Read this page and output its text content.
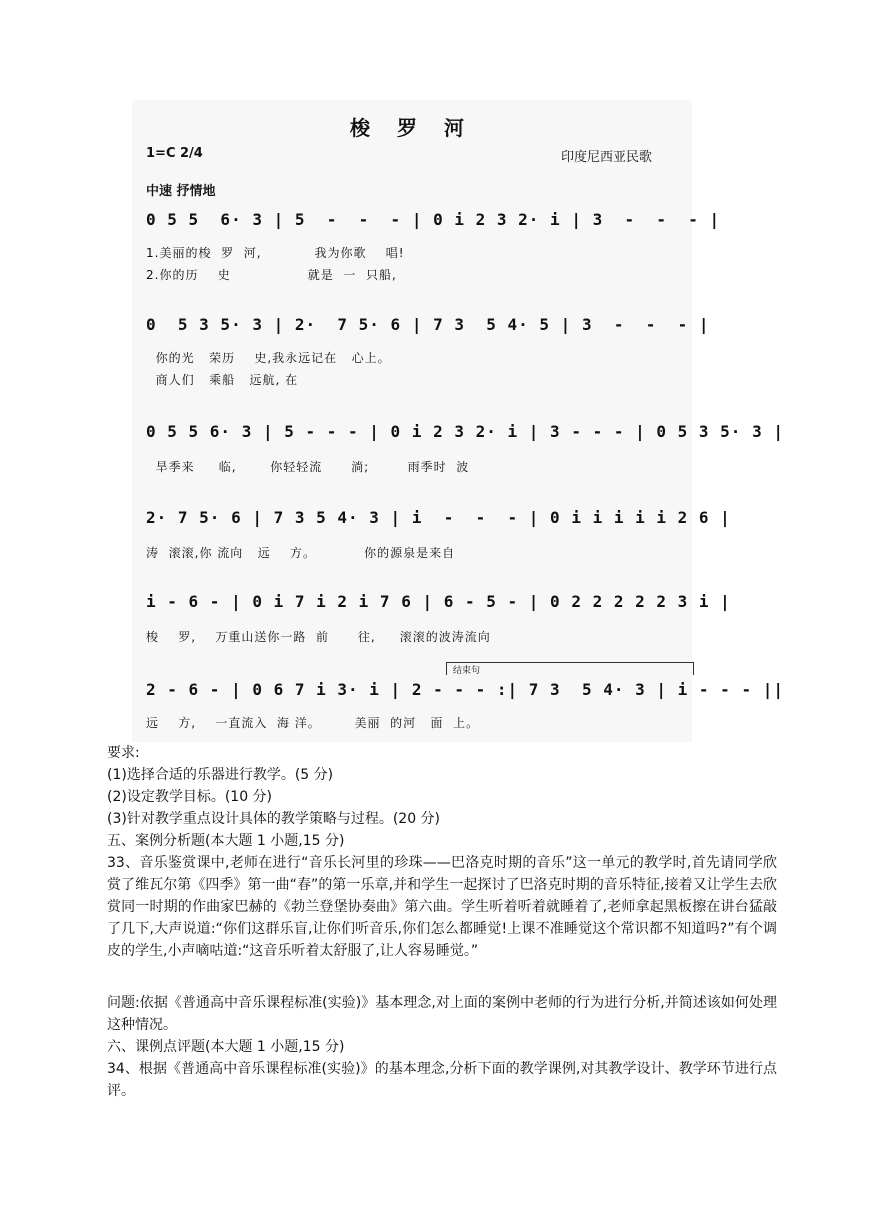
梭 罗 河
1=C 2/4	印度尼西亚民歌
中速 抒情地
0 5 5  6· 3 | 5  -  -  - | 0 i 2 3 2· i | 3  -  -  - |
1.美丽的梭  罗  河,           我为你歌    唱!
2.你的历    史                就是  一  只船,
0  5 3 5· 3 | 2·  7 5· 6 | 7 3  5 4· 5 | 3  -  -  - |
你的光   荣历    史,我永远记在   心上。
商人们   乘船   远航, 在
0 5 5 6· 3 | 5 - - - | 0 i 2 3 2· i | 3 - - - | 0 5 3 5· 3 |
旱季来     临,       你轻轻流      淌;        雨季时  波
2· 7 5· 6 | 7 3 5 4· 3 | i  -  -  - | 0 i i i i i 2 6 |
涛  滚滚,你 流向   远    方。          你的源泉是来自
i - 6 - | 0 i 7 i 2 i 7 6 | 6 - 5 - | 0 2 2 2 2 2 3 i |
梭    罗,    万重山送你一路  前      往,     滚滚的波涛流向
结束句
2 - 6 - | 0 6 7 i 3· i | 2 - - - :| 7 3  5 4· 3 | i - - - ||
远    方,    一直流入  海 洋。       美丽  的河   面  上。
要求:
(1)选择合适的乐器进行教学。(5 分)
(2)设定教学目标。(10 分)
(3)针对教学重点设计具体的教学策略与过程。(20 分)
五、案例分析题(本大题 1 小题,15 分)
33、音乐鉴赏课中,老师在进行“音乐长河里的珍珠——巴洛克时期的音乐”这一单元的教学时,首先请同学欣赏了维瓦尔第《四季》第一曲“春”的第一乐章,并和学生一起探讨了巴洛克时期的音乐特征,接着又让学生去欣赏同一时期的作曲家巴赫的《勃兰登堡协奏曲》第六曲。学生听着听着就睡着了,老师拿起黑板擦在讲台猛敲了几下,大声说道:“你们这群乐盲,让你们听音乐,你们怎么都睡觉!上课不准睡觉这个常识都不知道吗?”有个调皮的学生,小声嘀咕道:“这音乐听着太舒服了,让人容易睡觉。”
问题:依据《普通高中音乐课程标准(实验)》基本理念,对上面的案例中老师的行为进行分析,并简述该如何处理这种情况。
六、课例点评题(本大题 1 小题,15 分)
34、根据《普通高中音乐课程标准(实验)》的基本理念,分析下面的教学课例,对其教学设计、教学环节进行点评。
